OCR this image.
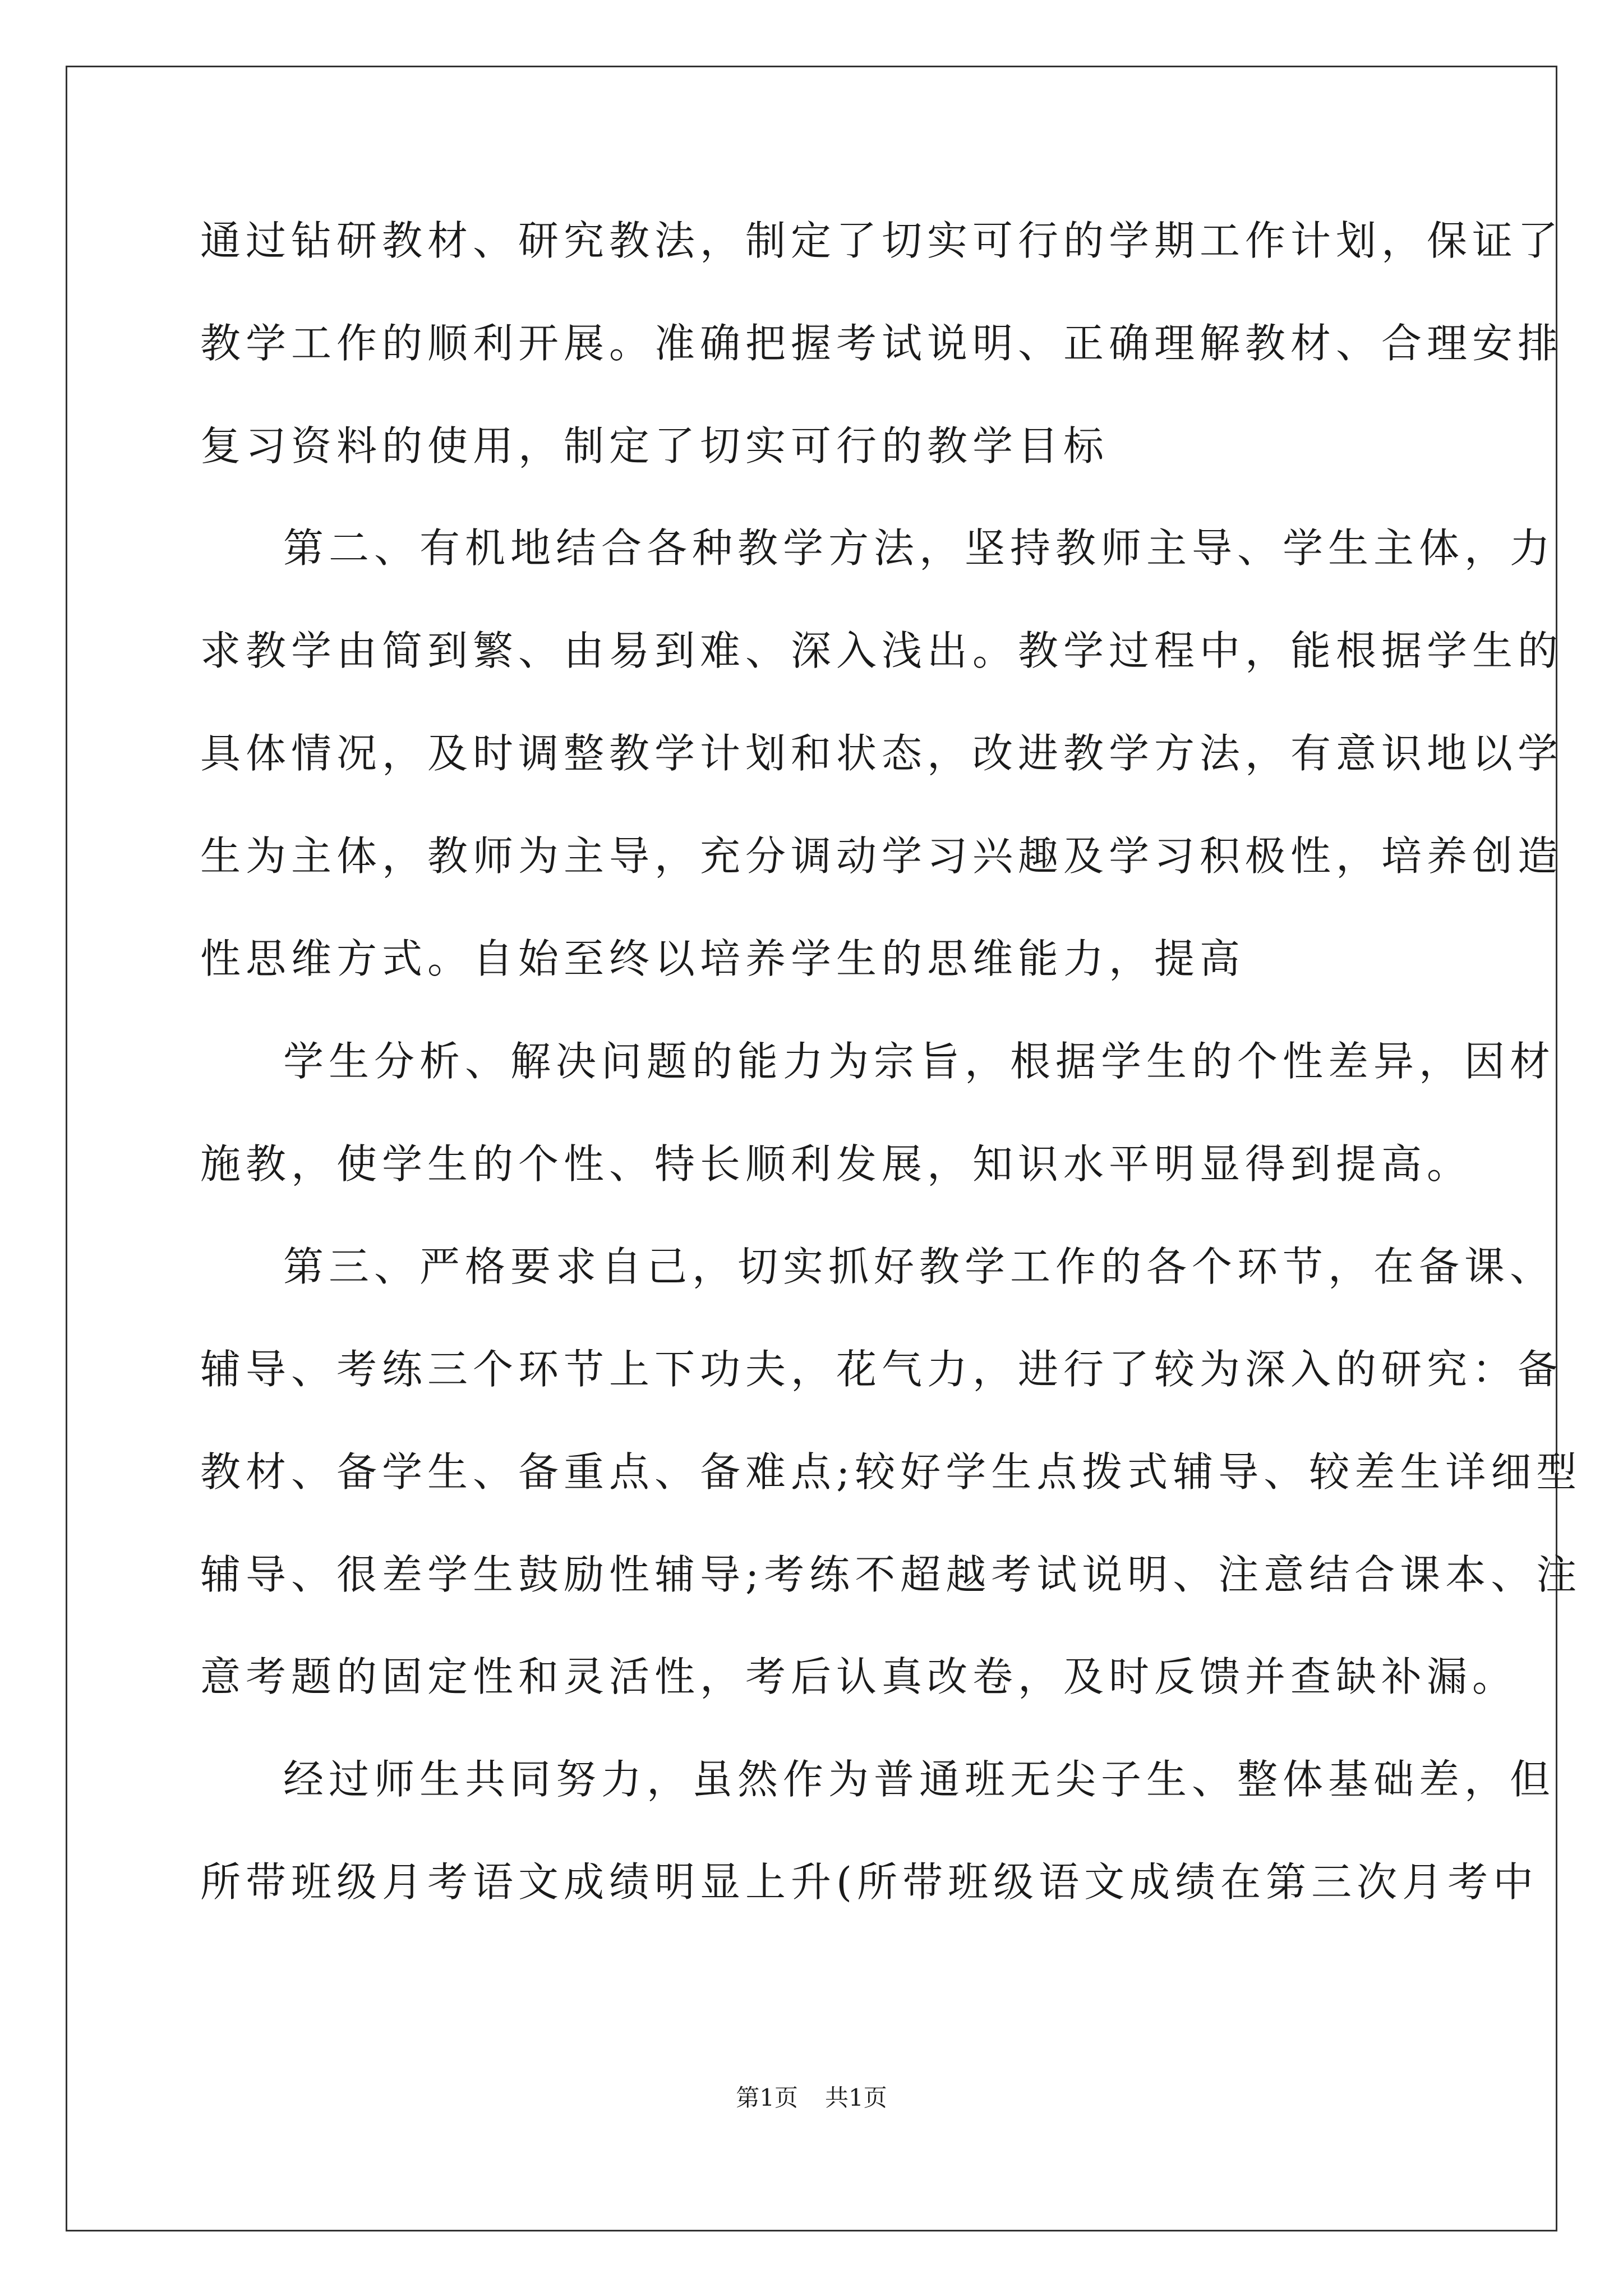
通过钻研教材、研究教法，制定了切实可行的学期工作计划，保证了
教学工作的顺利开展。准确把握考试说明、正确理解教材、合理安排
复习资料的使用，制定了切实可行的教学目标
第二、有机地结合各种教学方法，坚持教师主导、学生主体，力
求教学由简到繁、由易到难、深入浅出。教学过程中，能根据学生的
具体情况，及时调整教学计划和状态，改进教学方法，有意识地以学
生为主体，教师为主导，充分调动学习兴趣及学习积极性，培养创造
性思维方式。自始至终以培养学生的思维能力，提高
学生分析、解决问题的能力为宗旨，根据学生的个性差异，因材
施教，使学生的个性、特长顺利发展，知识水平明显得到提高。
第三、严格要求自己，切实抓好教学工作的各个环节，在备课、
辅导、考练三个环节上下功夫，花气力，进行了较为深入的研究：备
教材、备学生、备重点、备难点;较好学生点拨式辅导、较差生详细型
辅导、很差学生鼓励性辅导;考练不超越考试说明、注意结合课本、注
意考题的固定性和灵活性，考后认真改卷，及时反馈并查缺补漏。
经过师生共同努力，虽然作为普通班无尖子生、整体基础差，但
所带班级月考语文成绩明显上升(所带班级语文成绩在第三次月考中
第1页 共1页
